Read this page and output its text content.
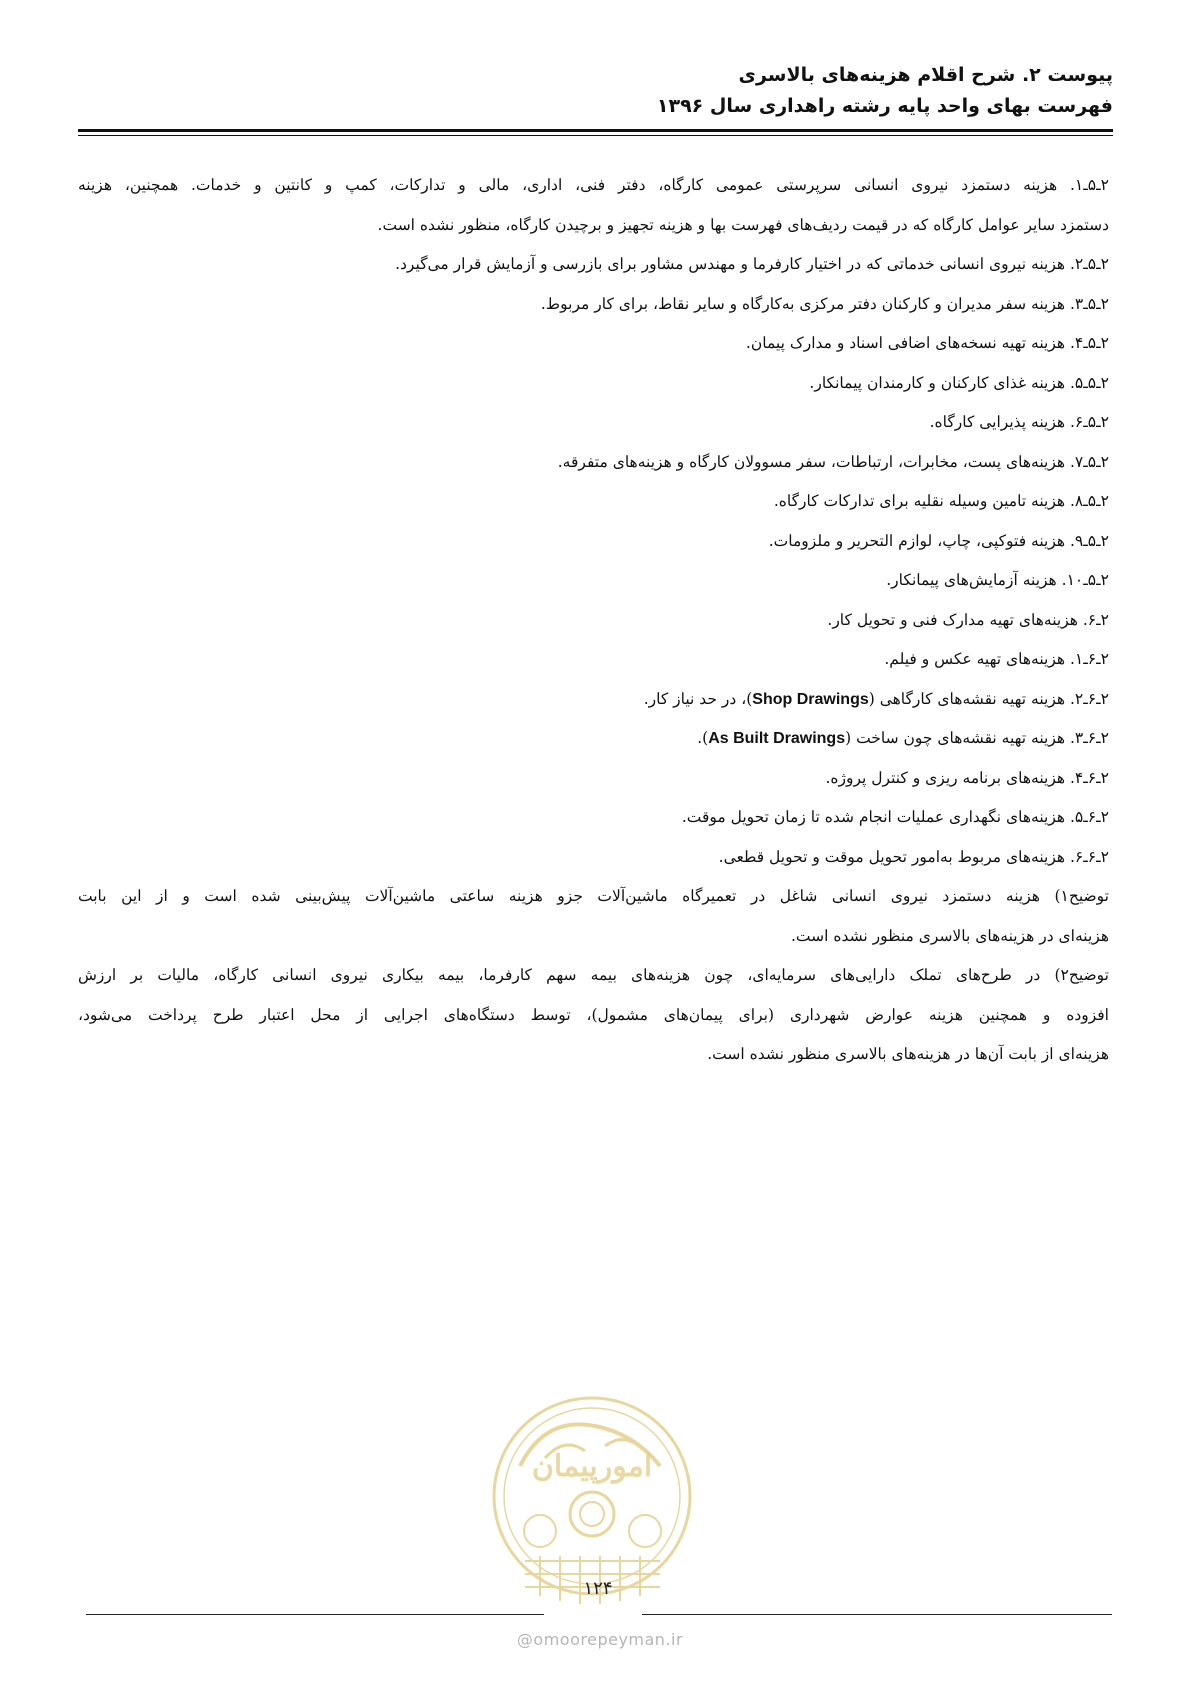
پیوست ۲. شرح اقلام هزینه‌های بالاسری
فهرست بهای واحد پایه رشته راهداری سال ۱۳۹۶
۲ـ۵ـ۱. هزینه دستمزد نیروی انسانی سرپرستی عمومی کارگاه، دفتر فنی، اداری، مالی و تدارکات، کمپ و کانتین و خدمات. همچنین، هزینه
دستمزد سایر عوامل کارگاه که در قیمت ردیف‌های فهرست بها و هزینه تجهیز و برچیدن کارگاه، منظور نشده است.
۲ـ۵ـ۲. هزینه نیروی انسانی خدماتی که در اختیار کارفرما و مهندس مشاور برای بازرسی و آزمایش قرار می‌گیرد.
۲ـ۵ـ۳. هزینه سفر مدیران و کارکنان دفتر مرکزی به‌کارگاه و سایر نقاط، برای کار مربوط.
۲ـ۵ـ۴. هزینه تهیه نسخه‌های اضافی اسناد و مدارک پیمان.
۲ـ۵ـ۵. هزینه غذای کارکنان و کارمندان پیمانکار.
۲ـ۵ـ۶. هزینه پذیرایی کارگاه.
۲ـ۵ـ۷. هزینه‌های پست، مخابرات، ارتباطات، سفر مسوولان کارگاه و هزینه‌های متفرقه.
۲ـ۵ـ۸. هزینه تامین وسیله نقلیه برای تدارکات کارگاه.
۲ـ۵ـ۹. هزینه فتوکپی، چاپ، لوازم التحریر و ملزومات.
۲ـ۵ـ۱۰. هزینه آزمایش‌های پیمانکار.
۲ـ۶. هزینه‌های تهیه مدارک فنی و تحویل کار.
۲ـ۶ـ۱. هزینه‌های تهیه عکس و فیلم.
۲ـ۶ـ۲. هزینه تهیه نقشه‌های کارگاهی (Shop Drawings)، در حد نیاز کار.
۲ـ۶ـ۳. هزینه تهیه نقشه‌های چون ساخت (As Built Drawings).
۲ـ۶ـ۴. هزینه‌های برنامه ریزی و کنترل پروژه.
۲ـ۶ـ۵. هزینه‌های نگهداری عملیات انجام شده تا زمان تحویل موقت.
۲ـ۶ـ۶. هزینه‌های مربوط به‌امور تحویل موقت و تحویل قطعی.
توضیح۱) هزینه دستمزد نیروی انسانی شاغل در تعمیرگاه ماشین‌آلات جزو هزینه ساعتی ماشین‌آلات پیش‌بینی شده است و از این بابت
هزینه‌ای در هزینه‌های بالاسری منظور نشده است.
توضیح۲) در طرح‌های تملک دارایی‌های سرمایه‌ای، چون هزینه‌های بیمه سهم کارفرما، بیمه بیکاری نیروی انسانی کارگاه، مالیات بر ارزش
افزوده و همچنین هزینه عوارض شهرداری (برای پیمان‌های مشمول)، توسط دستگاه‌های اجرایی از محل اعتبار طرح پرداخت می‌شود،
هزینه‌ای از بابت آن‌ها در هزینه‌های بالاسری منظور نشده است.
امورپیمان
۱۲۴
@omoorepeyman.ir
